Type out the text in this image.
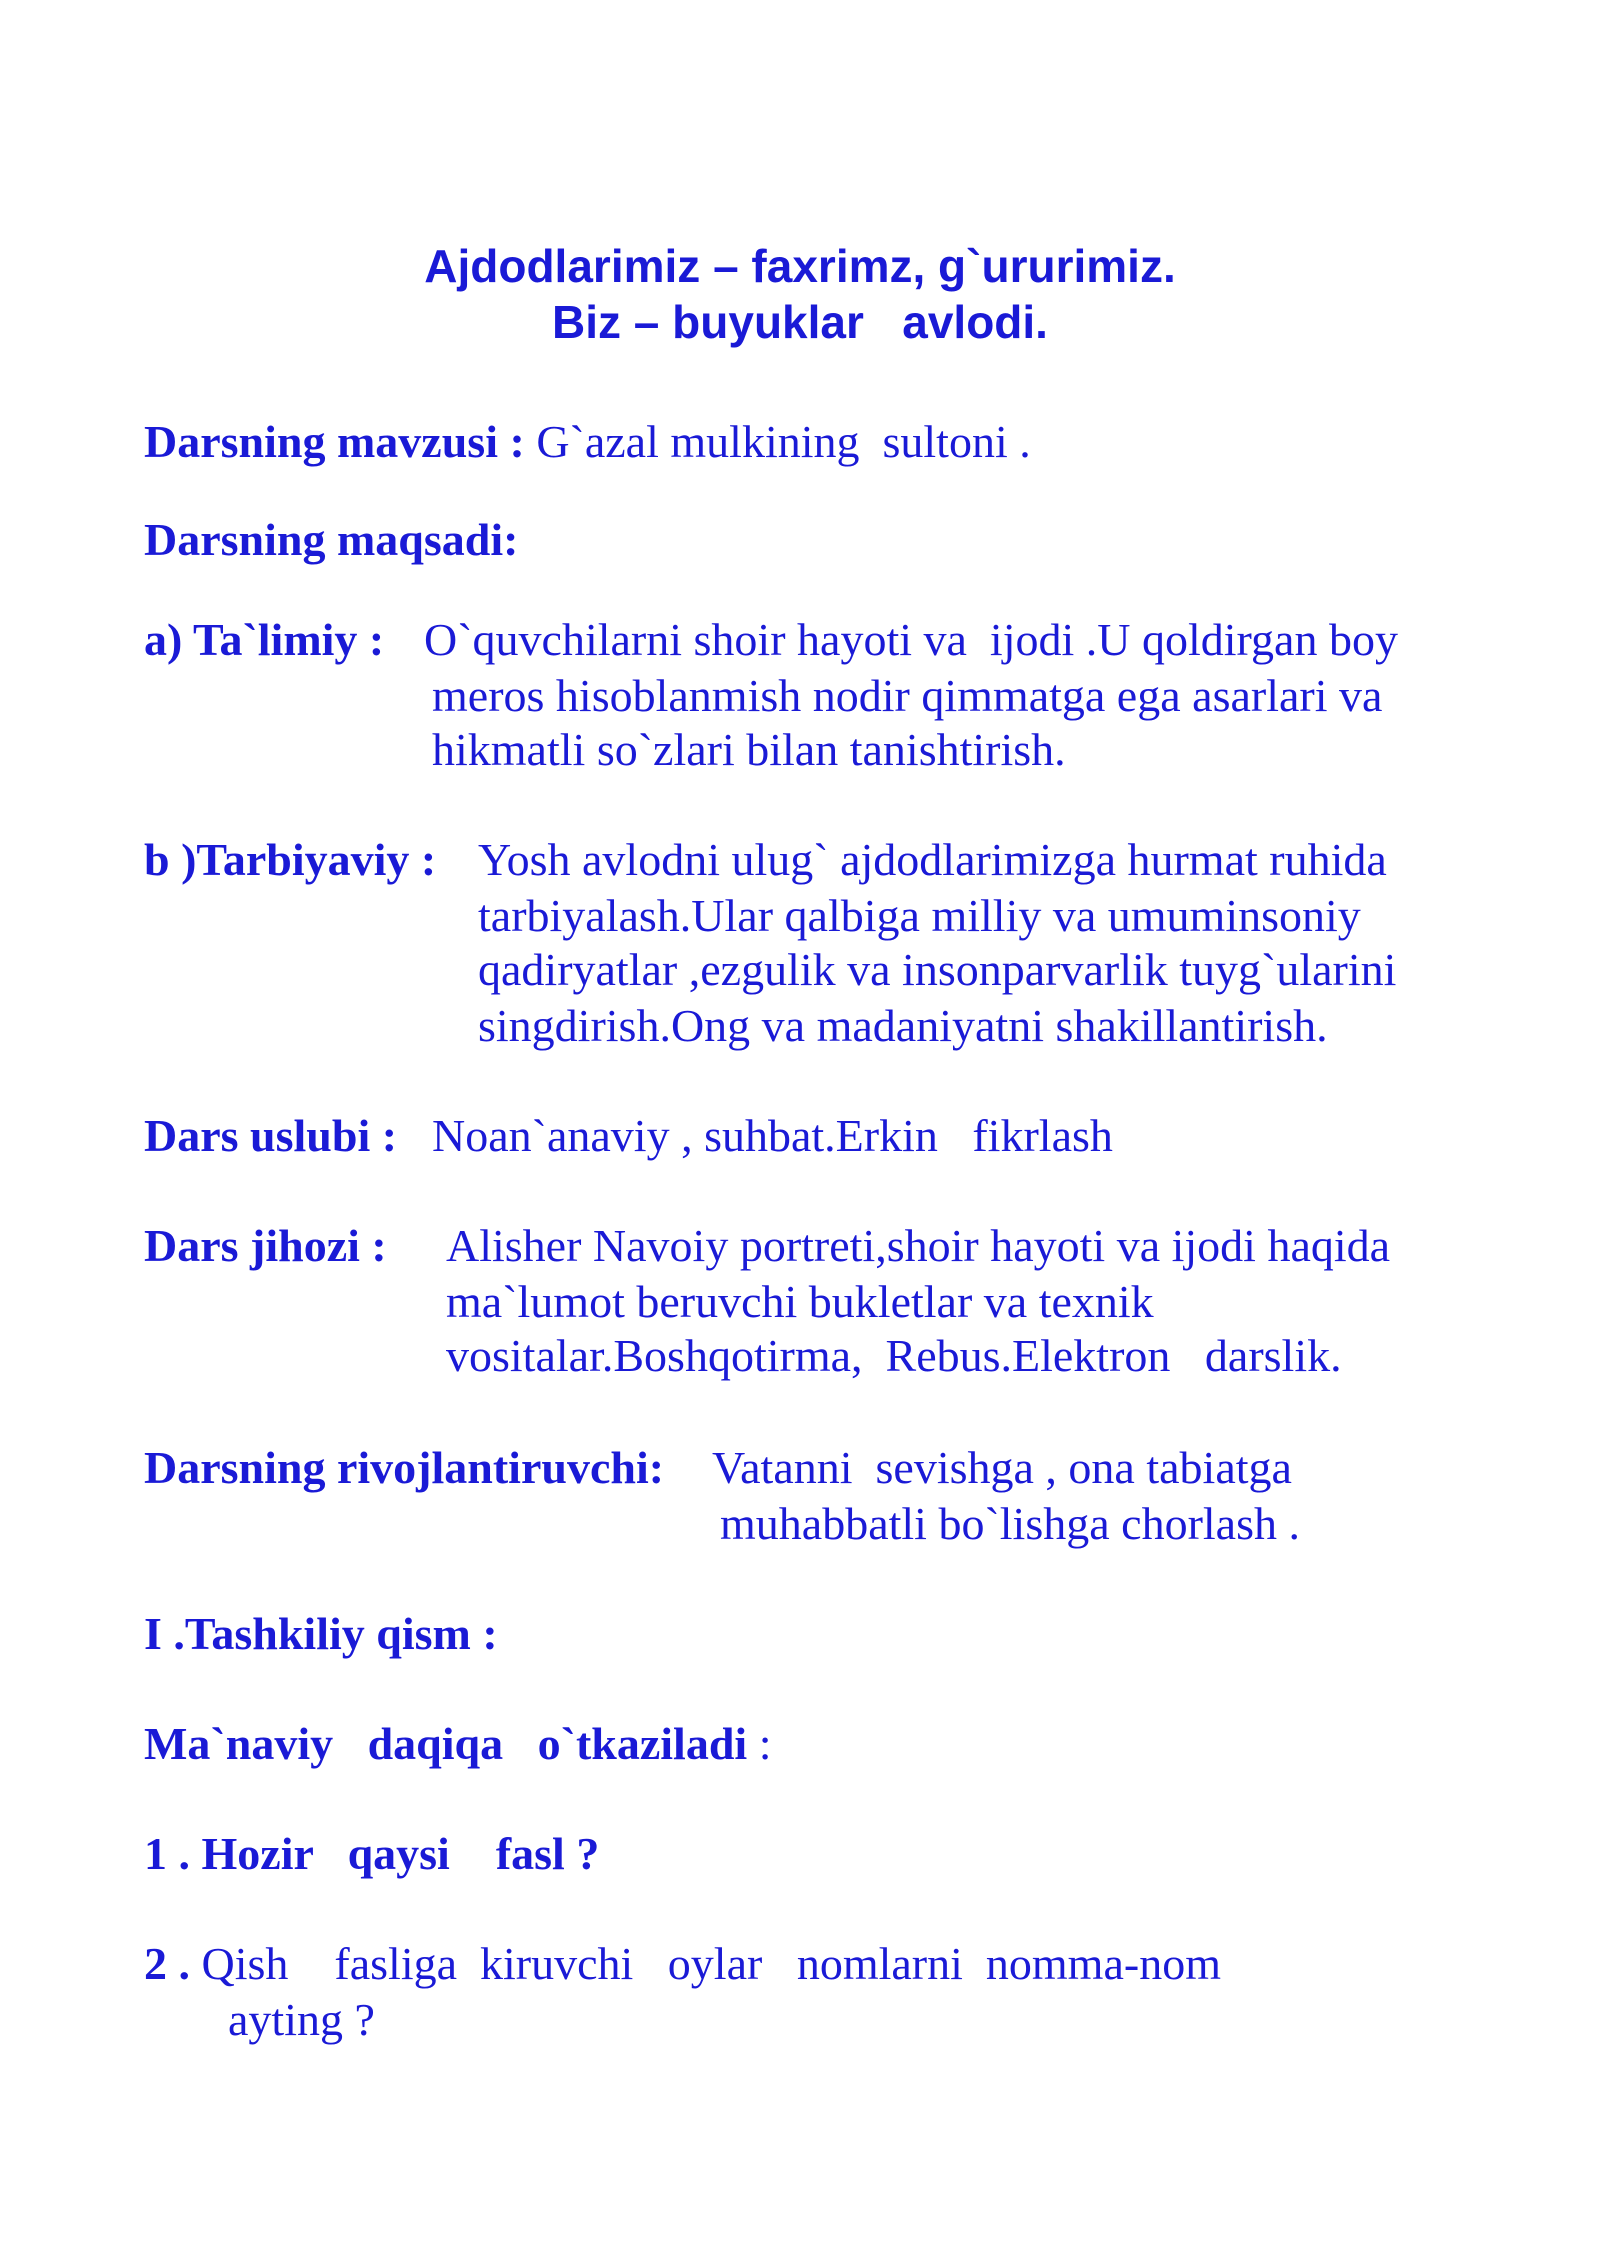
Ajdodlarimiz – faxrimz, g`ururimiz.
Biz – buyuklar   avlodi.
Darsning mavzusi : G`azal mulkining  sultoni .
Darsning maqsadi:
a) Ta`limiy : O`quvchilarni shoir hayoti va  ijodi .U qoldirgan boy
meros hisoblanmish nodir qimmatga ega asarlari va
hikmatli so`zlari bilan tanishtirish.
b )Tarbiyaviy : Yosh avlodni ulug` ajdodlarimizga hurmat ruhida
tarbiyalash.Ular qalbiga milliy va umuminsoniy
qadiryatlar ,ezgulik va insonparvarlik tuyg`ularini
singdirish.Ong va madaniyatni shakillantirish.
Dars uslubi : Noan`anaviy , suhbat.Erkin   fikrlash
Dars jihozi : Alisher Navoiy portreti,shoir hayoti va ijodi haqida
ma`lumot beruvchi bukletlar va texnik
vositalar.Boshqotirma,  Rebus.Elektron   darslik.
Darsning rivojlantiruvchi: Vatanni  sevishga , ona tabiatga
muhabbatli bo`lishga chorlash .
I .Tashkiliy qism :
Ma`naviy   daqiqa   o`tkaziladi :
1 . Hozir   qaysi    fasl ?
2 . Qish    fasliga  kiruvchi   oylar   nomlarni  nomma-nom
ayting ?
